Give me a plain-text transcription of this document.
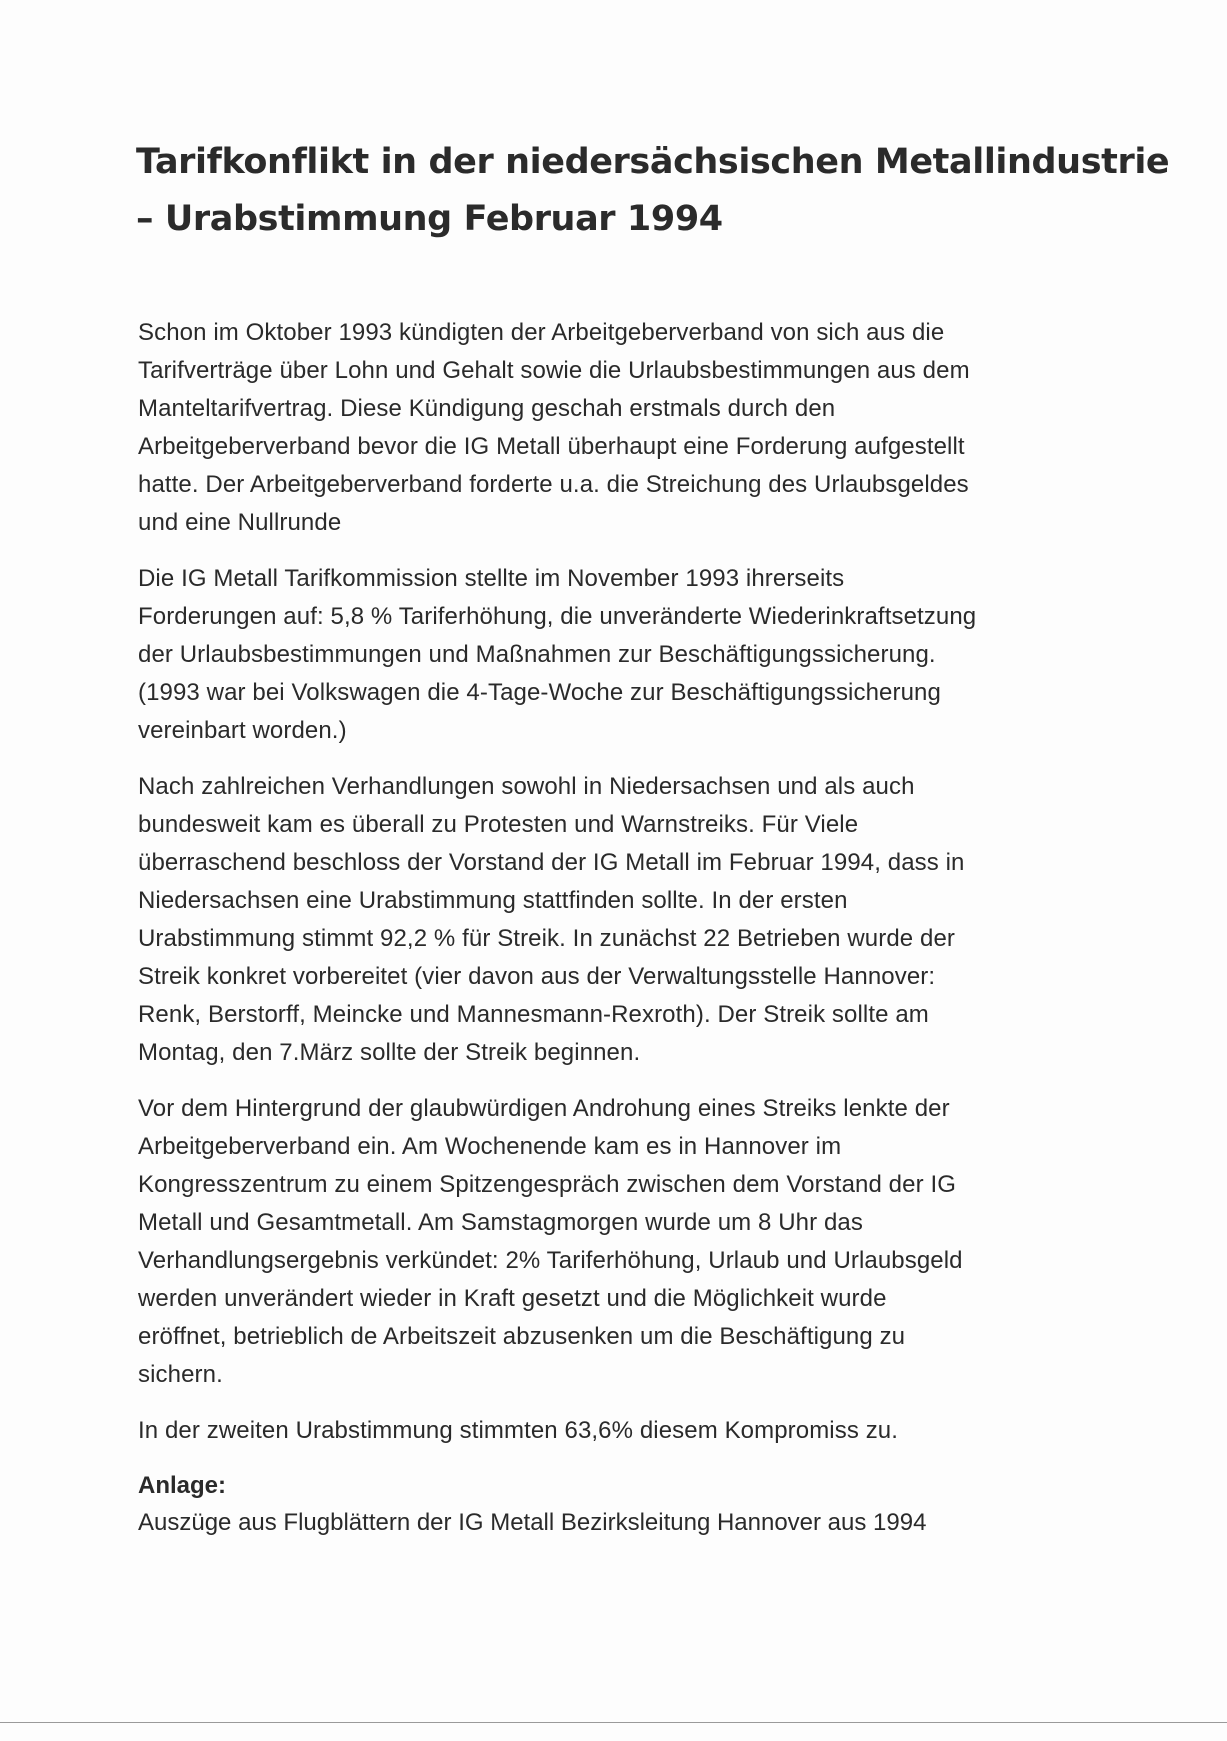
Tarifkonflikt in der niedersächsischen Metallindustrie
– Urabstimmung Februar 1994

Schon im Oktober 1993 kündigten der Arbeitgeberverband von sich aus die
Tarifverträge über Lohn und Gehalt sowie die Urlaubsbestimmungen aus dem
Manteltarifvertrag. Diese Kündigung geschah erstmals durch den
Arbeitgeberverband bevor die IG Metall überhaupt eine Forderung aufgestellt
hatte. Der Arbeitgeberverband forderte u.a. die Streichung des Urlaubsgeldes
und eine Nullrunde

Die IG Metall Tarifkommission stellte im November 1993 ihrerseits
Forderungen auf: 5,8 % Tariferhöhung, die unveränderte Wiederinkraftsetzung
der Urlaubsbestimmungen und Maßnahmen zur Beschäftigungssicherung.
(1993 war bei Volkswagen die 4-Tage-Woche zur Beschäftigungssicherung
vereinbart worden.)

Nach zahlreichen Verhandlungen sowohl in Niedersachsen und als auch
bundesweit kam es überall zu Protesten und Warnstreiks. Für Viele
überraschend beschloss der Vorstand der IG Metall im Februar 1994, dass in
Niedersachsen eine Urabstimmung stattfinden sollte. In der ersten
Urabstimmung stimmt 92,2 % für Streik. In zunächst 22 Betrieben wurde der
Streik konkret vorbereitet (vier davon aus der Verwaltungsstelle Hannover:
Renk, Berstorff, Meincke und Mannesmann-Rexroth). Der Streik sollte am
Montag, den 7.März sollte der Streik beginnen.

Vor dem Hintergrund der glaubwürdigen Androhung eines Streiks lenkte der
Arbeitgeberverband ein. Am Wochenende kam es in Hannover im
Kongresszentrum zu einem Spitzengespräch zwischen dem Vorstand der IG
Metall und Gesamtmetall. Am Samstagmorgen wurde um 8 Uhr das
Verhandlungsergebnis verkündet: 2% Tariferhöhung, Urlaub und Urlaubsgeld
werden unverändert wieder in Kraft gesetzt und die Möglichkeit wurde
eröffnet, betrieblich de Arbeitszeit abzusenken um die Beschäftigung zu
sichern.

In der zweiten Urabstimmung stimmten 63,6% diesem Kompromiss zu.

Anlage:

Auszüge aus Flugblättern der IG Metall Bezirksleitung Hannover aus 1994
